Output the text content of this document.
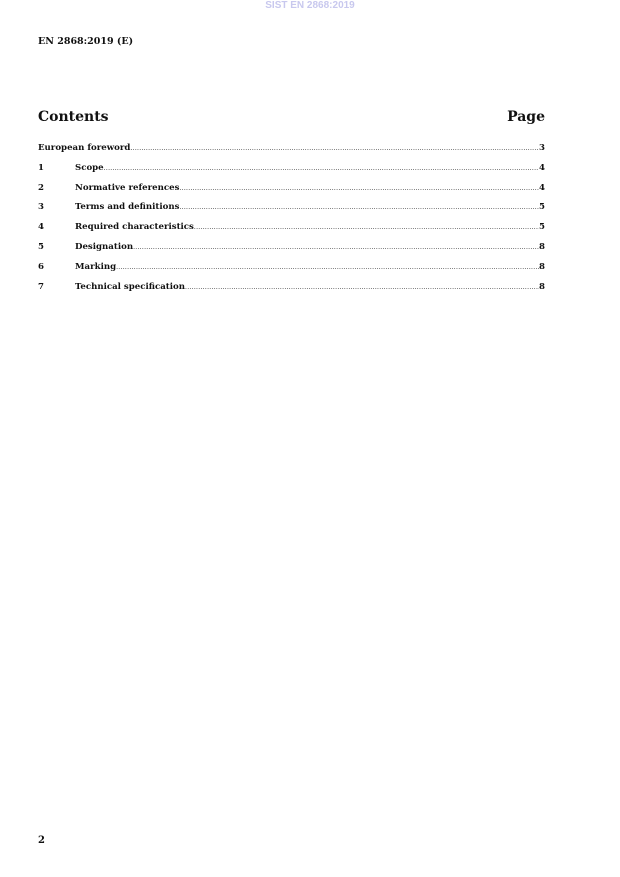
SIST EN 2868:2019
EN 2868:2019 (E)
Contents	Page
European foreword .....	3
1	Scope .....	4
2	Normative references .....	4
3	Terms and definitions .....	5
4	Required characteristics .....	5
5	Designation .....	8
6	Marking .....	8
7	Technical specification .....	8
2
